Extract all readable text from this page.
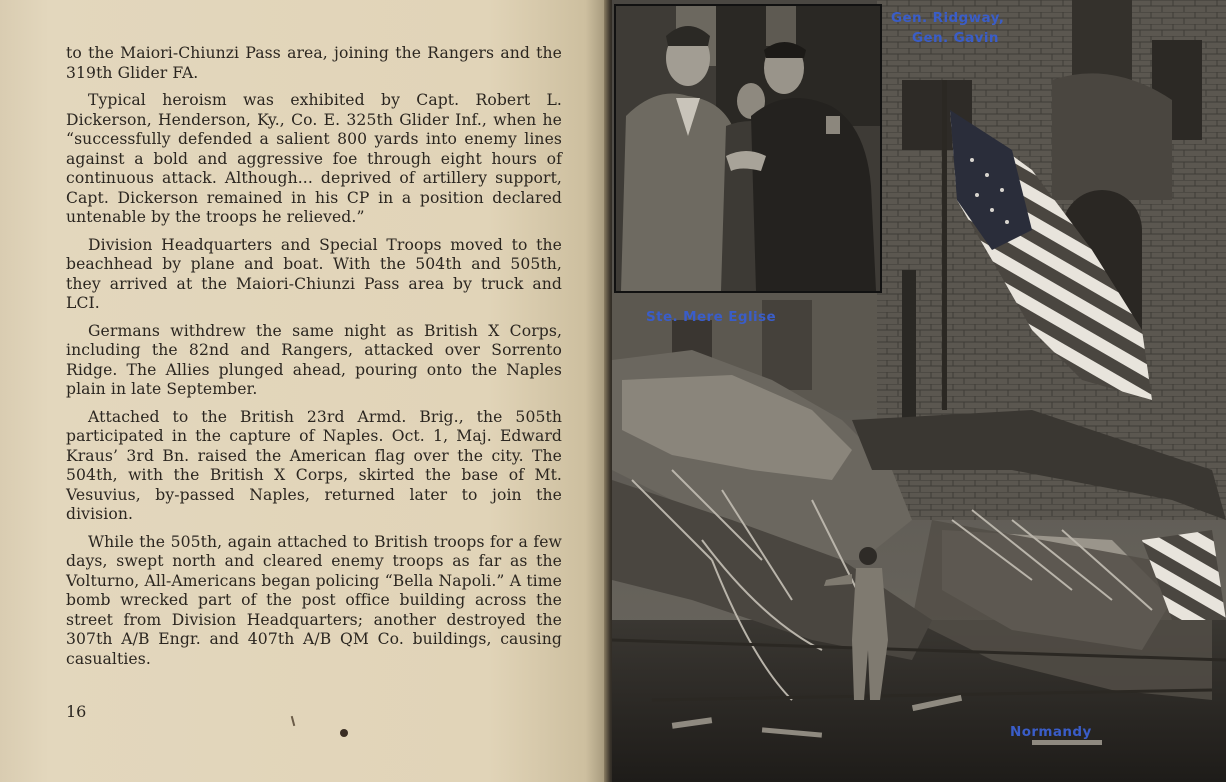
to the Maiori-Chiunzi Pass area, joining the Rangers and the 319th Glider FA.

Typical heroism was exhibited by Capt. Robert L. Dickerson, Henderson, Ky., Co. E. 325th Glider Inf., when he “successfully defended a salient 800 yards into enemy lines against a bold and aggressive foe through eight hours of continuous attack. Although... deprived of artillery support, Capt. Dickerson remained in his CP in a position declared untenable by the troops he relieved.”

Division Headquarters and Special Troops moved to the beachhead by plane and boat. With the 504th and 505th, they arrived at the Maiori-Chiunzi Pass area by truck and LCI.

Germans withdrew the same night as British X Corps, including the 82nd and Rangers, attacked over Sorrento Ridge. The Allies plunged ahead, pouring onto the Naples plain in late September.

Attached to the British 23rd Armd. Brig., the 505th participated in the capture of Naples. Oct. 1, Maj. Edward Kraus’ 3rd Bn. raised the American flag over the city. The 504th, with the British X Corps, skirted the base of Mt. Vesuvius, by-passed Naples, returned later to join the division.

While the 505th, again attached to British troops for a few days, swept north and cleared enemy troops as far as the Volturno, All-Americans began policing “Bella Napoli.” A time bomb wrecked part of the post office building across the street from Division Headquarters; another destroyed the 307th A/B Engr. and 407th A/B QM Co. buildings, causing casualties.

16
Gen. Ridgway,
Gen. Gavin
Ste. Mere Eglise
Normandy
